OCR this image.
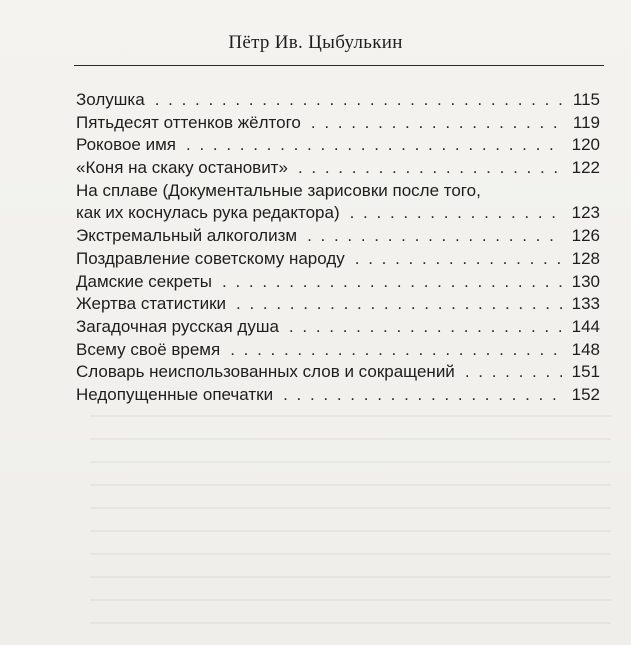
Пётр Ив. Цыбулькин
Золушка . . .	115
Пятьдесят оттенков жёлтого . . .	119
Роковое имя . . .	120
«Коня на скаку остановит» . . .	122
На сплаве (Документальные зарисовки после того,
как их коснулась рука редактора) . . .	123
Экстремальный алкоголизм . . .	126
Поздравление советскому народу . . .	128
Дамские секреты . . .	130
Жертва статистики . . .	133
Загадочная русская душа . . .	144
Всему своё время . . .	148
Словарь неиспользованных слов и сокращений . . .	151
Недопущенные опечатки . . .	152
